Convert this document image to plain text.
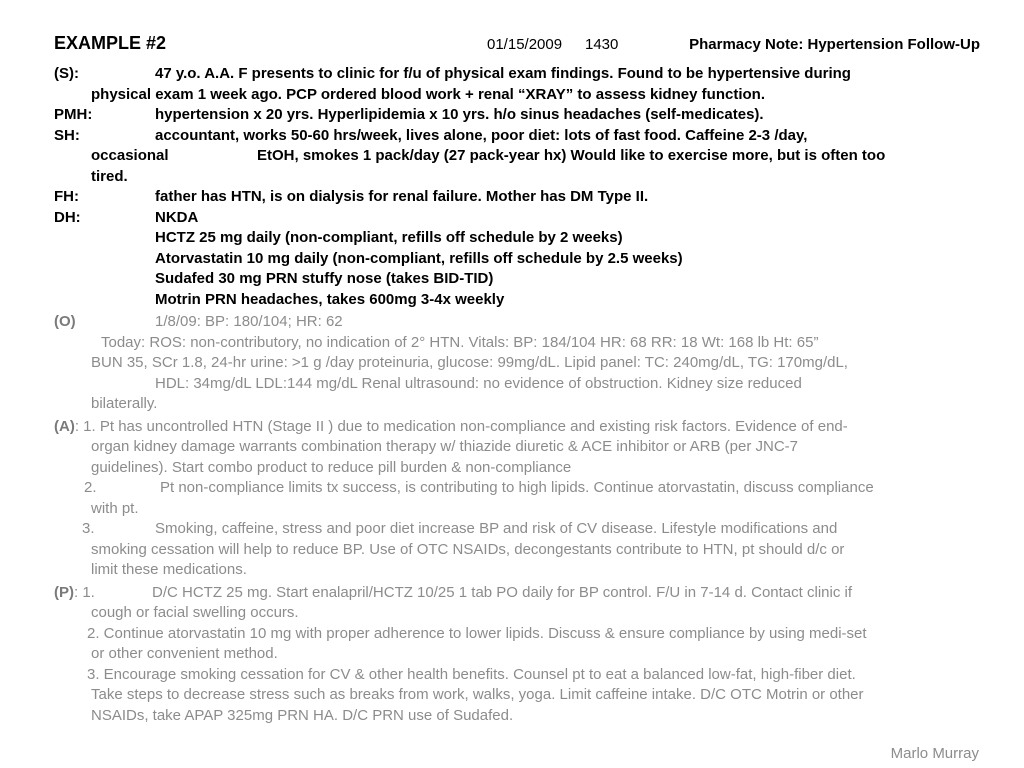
EXAMPLE #2	01/15/2009 1430	Pharmacy Note: Hypertension Follow-Up
(S):	47 y.o. A.A. F presents to clinic for f/u of physical exam findings. Found to be hypertensive during
physical exam 1 week ago. PCP ordered blood work + renal “XRAY” to assess kidney function.
PMH:	hypertension x 20 yrs. Hyperlipidemia x 10 yrs. h/o sinus headaches (self-medicates).
SH:	accountant, works 50-60 hrs/week, lives alone, poor diet: lots of fast food. Caffeine 2-3 /day,
occasional	EtOH, smokes 1 pack/day (27 pack-year hx) Would like to exercise more, but is often too
tired.
FH:	father has HTN, is on dialysis for renal failure. Mother has DM Type II.
DH:	NKDA
HCTZ 25 mg daily (non-compliant, refills off schedule by 2 weeks)
Atorvastatin 10 mg daily (non-compliant, refills off schedule by 2.5 weeks)
Sudafed 30 mg PRN stuffy nose (takes BID-TID)
Motrin PRN headaches, takes 600mg 3-4x weekly
(O)	1/8/09: BP: 180/104; HR: 62
Today: ROS: non-contributory, no indication of 2° HTN. Vitals: BP: 184/104 HR: 68 RR: 18 Wt: 168 lb Ht: 65”
BUN 35, SCr 1.8, 24-hr urine: >1 g /day proteinuria, glucose: 99mg/dL. Lipid panel: TC: 240mg/dL, TG: 170mg/dL,
HDL: 34mg/dL LDL:144 mg/dL Renal ultrasound: no evidence of obstruction. Kidney size reduced
bilaterally.
(A): 1. Pt has uncontrolled HTN (Stage II ) due to medication non-compliance and existing risk factors. Evidence of end-
organ kidney damage warrants combination therapy w/ thiazide diuretic & ACE inhibitor or ARB (per JNC-7
guidelines). Start combo product to reduce pill burden & non-compliance
2.	Pt non-compliance limits tx success, is contributing to high lipids. Continue atorvastatin, discuss compliance
with pt.
3.	Smoking, caffeine, stress and poor diet increase BP and risk of CV disease. Lifestyle modifications and
smoking cessation will help to reduce BP. Use of OTC NSAIDs, decongestants contribute to HTN, pt should d/c or
limit these medications.
(P): 1.	D/C HCTZ 25 mg. Start enalapril/HCTZ 10/25 1 tab PO daily for BP control. F/U in 7-14 d. Contact clinic if
cough or facial swelling occurs.
2. Continue atorvastatin 10 mg with proper adherence to lower lipids. Discuss & ensure compliance by using medi-set
or other convenient method.
3. Encourage smoking cessation for CV & other health benefits. Counsel pt to eat a balanced low-fat, high-fiber diet.
Take steps to decrease stress such as breaks from work, walks, yoga. Limit caffeine intake. D/C OTC Motrin or other
NSAIDs, take APAP 325mg PRN HA. D/C PRN use of Sudafed.
Marlo Murray
